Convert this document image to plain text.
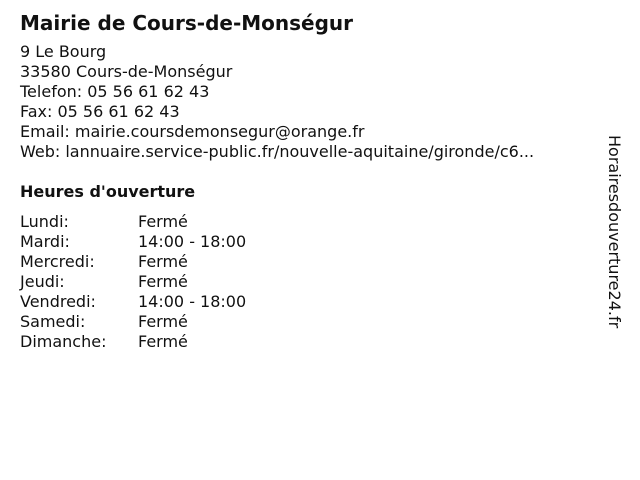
Mairie de Cours-de-Monségur
9 Le Bourg
33580 Cours-de-Monségur
Telefon: 05 56 61 62 43
Fax: 05 56 61 62 43
Email: mairie.coursdemonsegur@orange.fr
Web: lannuaire.service-public.fr/nouvelle-aquitaine/gironde/c6...
Heures d'ouverture
Lundi:	Fermé
Mardi:	14:00 - 18:00
Mercredi:	Fermé
Jeudi:	Fermé
Vendredi:	14:00 - 18:00
Samedi:	Fermé
Dimanche:	Fermé
Horairesdouverture24.fr
